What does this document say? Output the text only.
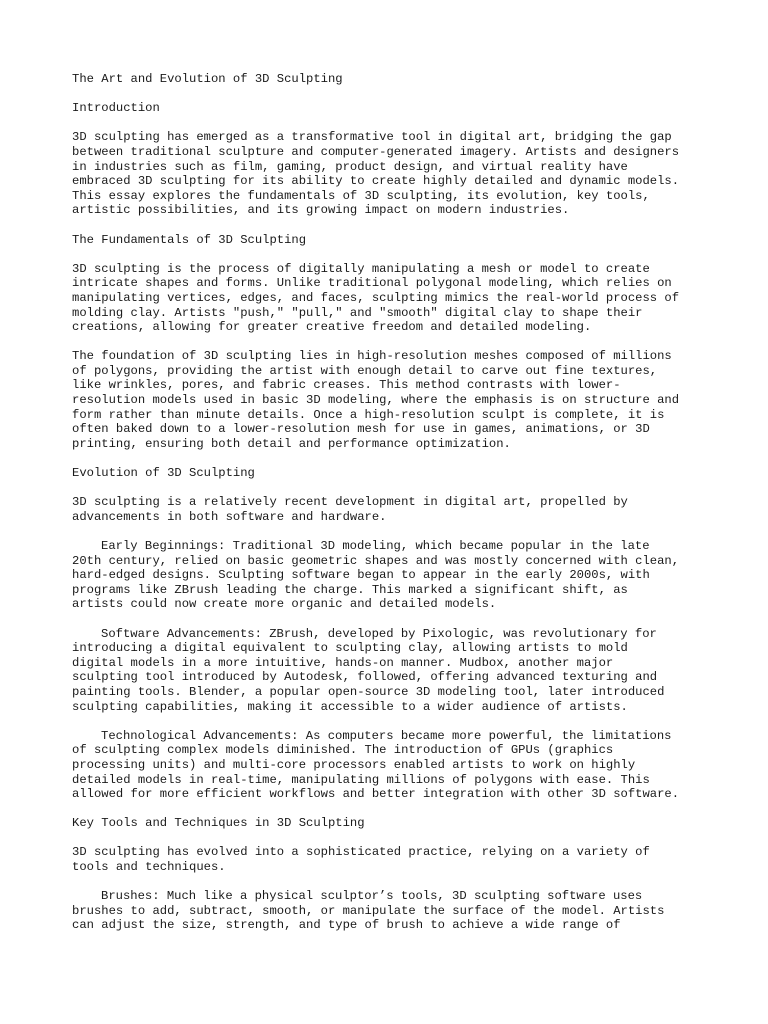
The Art and Evolution of 3D Sculpting
Introduction
3D sculpting has emerged as a transformative tool in digital art, bridging the gap
between traditional sculpture and computer-generated imagery. Artists and designers
in industries such as film, gaming, product design, and virtual reality have
embraced 3D sculpting for its ability to create highly detailed and dynamic models.
This essay explores the fundamentals of 3D sculpting, its evolution, key tools,
artistic possibilities, and its growing impact on modern industries.
The Fundamentals of 3D Sculpting
3D sculpting is the process of digitally manipulating a mesh or model to create
intricate shapes and forms. Unlike traditional polygonal modeling, which relies on
manipulating vertices, edges, and faces, sculpting mimics the real-world process of
molding clay. Artists "push," "pull," and "smooth" digital clay to shape their
creations, allowing for greater creative freedom and detailed modeling.
The foundation of 3D sculpting lies in high-resolution meshes composed of millions
of polygons, providing the artist with enough detail to carve out fine textures,
like wrinkles, pores, and fabric creases. This method contrasts with lower-
resolution models used in basic 3D modeling, where the emphasis is on structure and
form rather than minute details. Once a high-resolution sculpt is complete, it is
often baked down to a lower-resolution mesh for use in games, animations, or 3D
printing, ensuring both detail and performance optimization.
Evolution of 3D Sculpting
3D sculpting is a relatively recent development in digital art, propelled by
advancements in both software and hardware.
Early Beginnings: Traditional 3D modeling, which became popular in the late
20th century, relied on basic geometric shapes and was mostly concerned with clean,
hard-edged designs. Sculpting software began to appear in the early 2000s, with
programs like ZBrush leading the charge. This marked a significant shift, as
artists could now create more organic and detailed models.
Software Advancements: ZBrush, developed by Pixologic, was revolutionary for
introducing a digital equivalent to sculpting clay, allowing artists to mold
digital models in a more intuitive, hands-on manner. Mudbox, another major
sculpting tool introduced by Autodesk, followed, offering advanced texturing and
painting tools. Blender, a popular open-source 3D modeling tool, later introduced
sculpting capabilities, making it accessible to a wider audience of artists.
Technological Advancements: As computers became more powerful, the limitations
of sculpting complex models diminished. The introduction of GPUs (graphics
processing units) and multi-core processors enabled artists to work on highly
detailed models in real-time, manipulating millions of polygons with ease. This
allowed for more efficient workflows and better integration with other 3D software.
Key Tools and Techniques in 3D Sculpting
3D sculpting has evolved into a sophisticated practice, relying on a variety of
tools and techniques.
Brushes: Much like a physical sculptor’s tools, 3D sculpting software uses
brushes to add, subtract, smooth, or manipulate the surface of the model. Artists
can adjust the size, strength, and type of brush to achieve a wide range of
